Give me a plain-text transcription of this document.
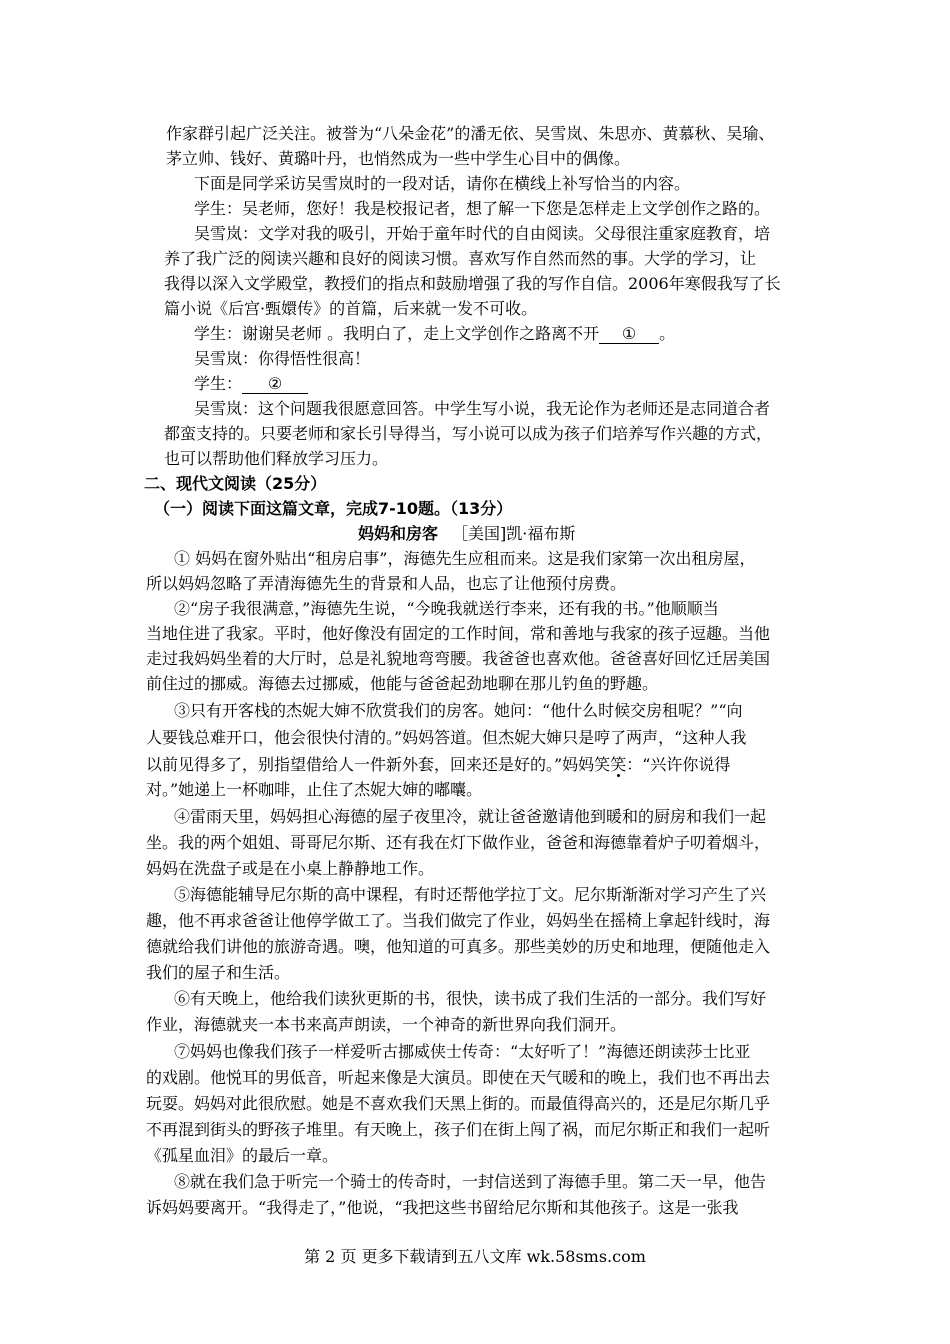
作家群引起广泛关注。被誉为“八朵金花”的潘无依、吴雪岚、朱思亦、黄慕秋、吴瑜、
茅立帅、钱好、黄璐叶丹，也悄然成为一些中学生心目中的偶像。
下面是同学采访吴雪岚时的一段对话，请你在横线上补写恰当的内容。
学生：吴老师，您好！我是校报记者，想了解一下您是怎样走上文学创作之路的。
吴雪岚：文学对我的吸引，开始于童年时代的自由阅读。父母很注重家庭教育，培
养了我广泛的阅读兴趣和良好的阅读习惯。喜欢写作自然而然的事。大学的学习，让
我得以深入文学殿堂，教授们的指点和鼓励增强了我的写作自信。2006年寒假我写了长
篇小说《后宫·甄嬛传》的首篇，后来就一发不可收。
学生：谢谢吴老师 。我明白了，走上文学创作之路离不开 ① 。
吴雪岚：你得悟性很高！
学生： ②
吴雪岚：这个问题我很愿意回答。中学生写小说，我无论作为老师还是志同道合者
都蛮支持的。只要老师和家长引导得当，写小说可以成为孩子们培养写作兴趣的方式，
也可以帮助他们释放学习压力。
二、现代文阅读（25分）
（一）阅读下面这篇文章，完成7-10题。（13分）
妈妈和房客 ［美国]凯·福布斯
① 妈妈在窗外贴出“租房启事”，海德先生应租而来。这是我们家第一次出租房屋，
所以妈妈忽略了弄清海德先生的背景和人品，也忘了让他预付房费。
②“房子我很满意，”海德先生说，“今晚我就送行李来，还有我的书。”他顺顺当
当地住进了我家。平时，他好像没有固定的工作时间，常和善地与我家的孩子逗趣。当他
走过我妈妈坐着的大厅时，总是礼貌地弯弯腰。我爸爸也喜欢他。爸爸喜好回忆迁居美国
前住过的挪威。海德去过挪威，他能与爸爸起劲地聊在那儿钓鱼的野趣。
③只有开客栈的杰妮大婶不欣赏我们的房客。她问：“他什么时候交房租呢？”“向
人要钱总难开口，他会很快付清的。”妈妈答道。但杰妮大婶只是哼了两声，“这种人我
以前见得多了，别指望借给人一件新外套，回来还是好的。”妈妈笑笑：“兴许你说得
对。”她递上一杯咖啡，止住了杰妮大婶的嘟囔。
④雷雨天里，妈妈担心海德的屋子夜里冷，就让爸爸邀请他到暖和的厨房和我们一起
坐。我的两个姐姐、哥哥尼尔斯、还有我在灯下做作业，爸爸和海德靠着炉子叨着烟斗，
妈妈在洗盘子或是在小桌上静静地工作。
⑤海德能辅导尼尔斯的高中课程，有时还帮他学拉丁文。尼尔斯渐渐对学习产生了兴
趣，他不再求爸爸让他停学做工了。当我们做完了作业，妈妈坐在摇椅上拿起针线时，海
德就给我们讲他的旅游奇遇。噢，他知道的可真多。那些美妙的历史和地理，便随他走入
我们的屋子和生活。
⑥有天晚上，他给我们读狄更斯的书，很快，读书成了我们生活的一部分。我们写好
作业，海德就夹一本书来高声朗读，一个神奇的新世界向我们洞开。
⑦妈妈也像我们孩子一样爱听古挪威侠士传奇：“太好听了！”海德还朗读莎士比亚
的戏剧。他悦耳的男低音，听起来像是大演员。即使在天气暖和的晚上，我们也不再出去
玩耍。妈妈对此很欣慰。她是不喜欢我们天黑上街的。而最值得高兴的，还是尼尔斯几乎
不再混到街头的野孩子堆里。有天晚上，孩子们在街上闯了祸，而尼尔斯正和我们一起听
《孤星血泪》的最后一章。
⑧就在我们急于听完一个骑士的传奇时，一封信送到了海德手里。第二天一早，他告
诉妈妈要离开。“我得走了，”他说，“我把这些书留给尼尔斯和其他孩子。这是一张我
第 2 页 更多下载请到五八文库 wk.58sms.com
